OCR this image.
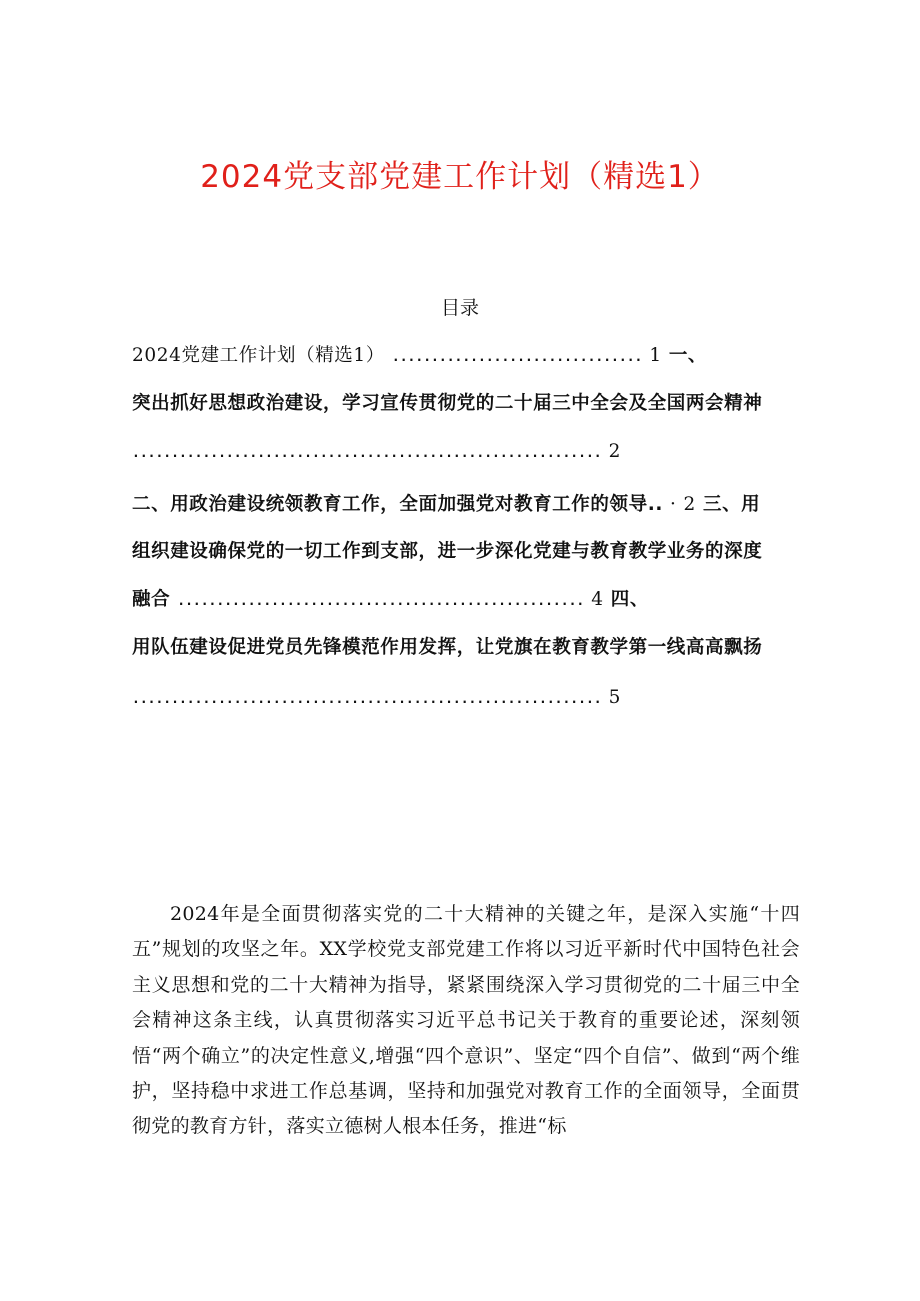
2024党支部党建工作计划（精选1）
目录
2024党建工作计划（精选1） ................................ 1 一、
突出抓好思想政治建设，学习宣传贯彻党的二十届三中全会及全国两会精神
............................................................ 2
二、用政治建设统领教育工作，全面加强党对教育工作的领导.. · 2 三、用
组织建设确保党的一切工作到支部，进一步深化党建与教育教学业务的深度
融合 .................................................... 4 四、
用队伍建设促进党员先锋模范作用发挥，让党旗在教育教学第一线高高飘扬
............................................................ 5

2024年是全面贯彻落实党的二十大精神的关键之年，是深入实施“十四五”规划的攻坚之年。XX学校党支部党建工作将以习近平新时代中国特色社会主义思想和党的二十大精神为指导，紧紧围绕深入学习贯彻党的二十届三中全会精神这条主线，认真贯彻落实习近平总书记关于教育的重要论述，深刻领悟“两个确立”的决定性意义,增强“四个意识”、坚定“四个自信”、做到“两个维护，坚持稳中求进工作总基调，坚持和加强党对教育工作的全面领导，全面贯彻党的教育方针，落实立德树人根本任务，推进“标
